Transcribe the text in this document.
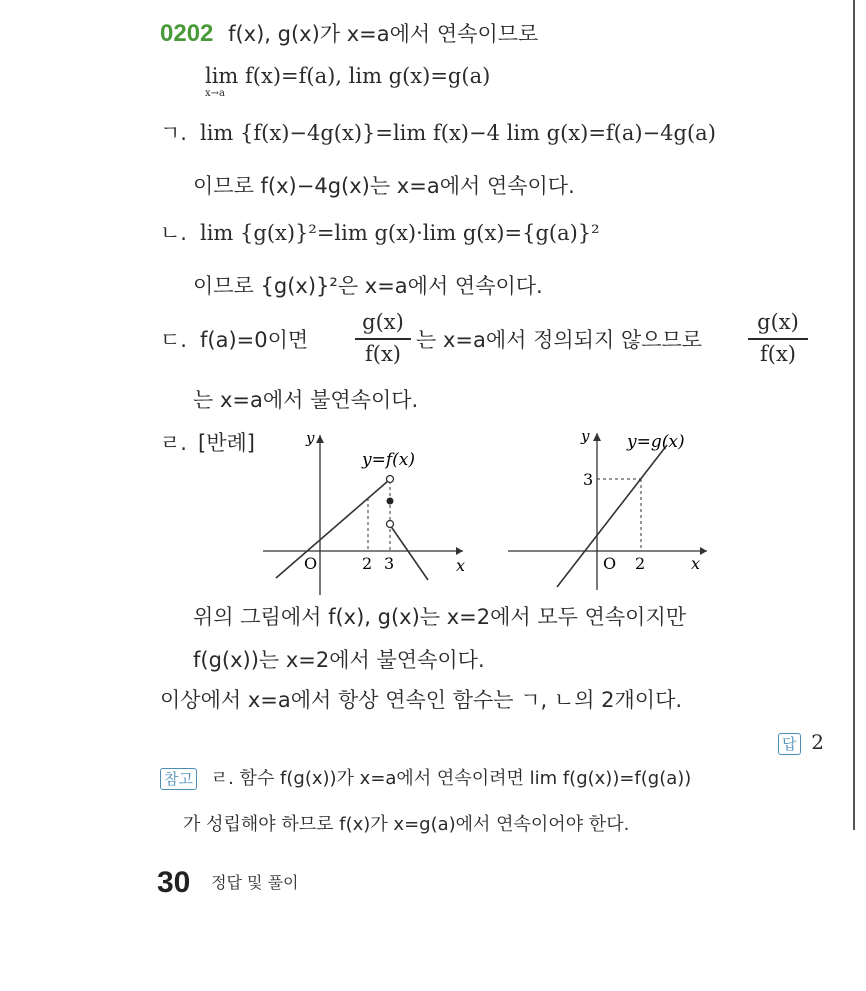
0202 f(x), g(x)가 x=a에서 연속이므로
lim f(x)=f(a), lim g(x)=g(a)
x→a
ㄱ. lim {f(x)−4g(x)}=lim f(x)−4 lim g(x)=f(a)−4g(a)
이므로 f(x)−4g(x)는 x=a에서 연속이다.
ㄴ. lim {g(x)}²=lim g(x)·lim g(x)={g(a)}²
이므로 {g(x)}²은 x=a에서 연속이다.
ㄷ. f(a)=0이면
g(x)
f(x)
는 x=a에서 정의되지 않으므로
g(x)
f(x)
는 x=a에서 불연속이다.
ㄹ. [반례]	y
x
O	2 3
y=f(x)
y
x
O 2
3
y=g(x)
위의 그림에서 f(x), g(x)는 x=2에서 모두 연속이지만
f(g(x))는 x=2에서 불연속이다.
이상에서 x=a에서 항상 연속인 함수는 ㄱ, ㄴ의 2개이다.
답 2
참고 ㄹ. 함수 f(g(x))가 x=a에서 연속이려면 lim f(g(x))=f(g(a))
가 성립해야 하므로 f(x)가 x=g(a)에서 연속이어야 한다.
30 정답 및 풀이
